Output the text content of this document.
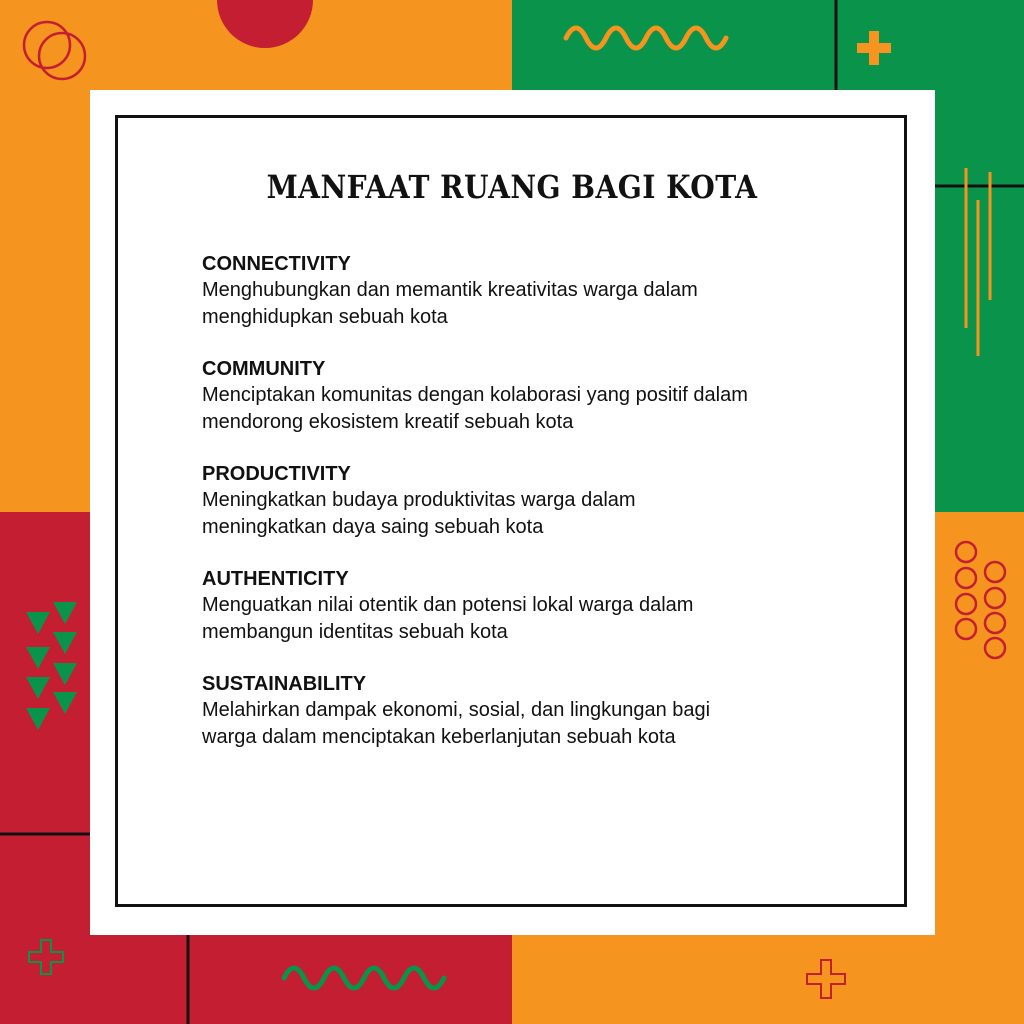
MANFAAT RUANG BAGI KOTA
CONNECTIVITY
Menghubungkan dan memantik kreativitas warga dalam
menghidupkan sebuah kota
COMMUNITY
Menciptakan komunitas dengan kolaborasi yang positif dalam
mendorong ekosistem kreatif sebuah kota
PRODUCTIVITY
Meningkatkan budaya produktivitas warga dalam
meningkatkan daya saing sebuah kota
AUTHENTICITY
Menguatkan nilai otentik dan potensi lokal warga dalam
membangun identitas sebuah kota
SUSTAINABILITY
Melahirkan dampak ekonomi, sosial, dan lingkungan bagi
warga dalam menciptakan keberlanjutan sebuah kota
